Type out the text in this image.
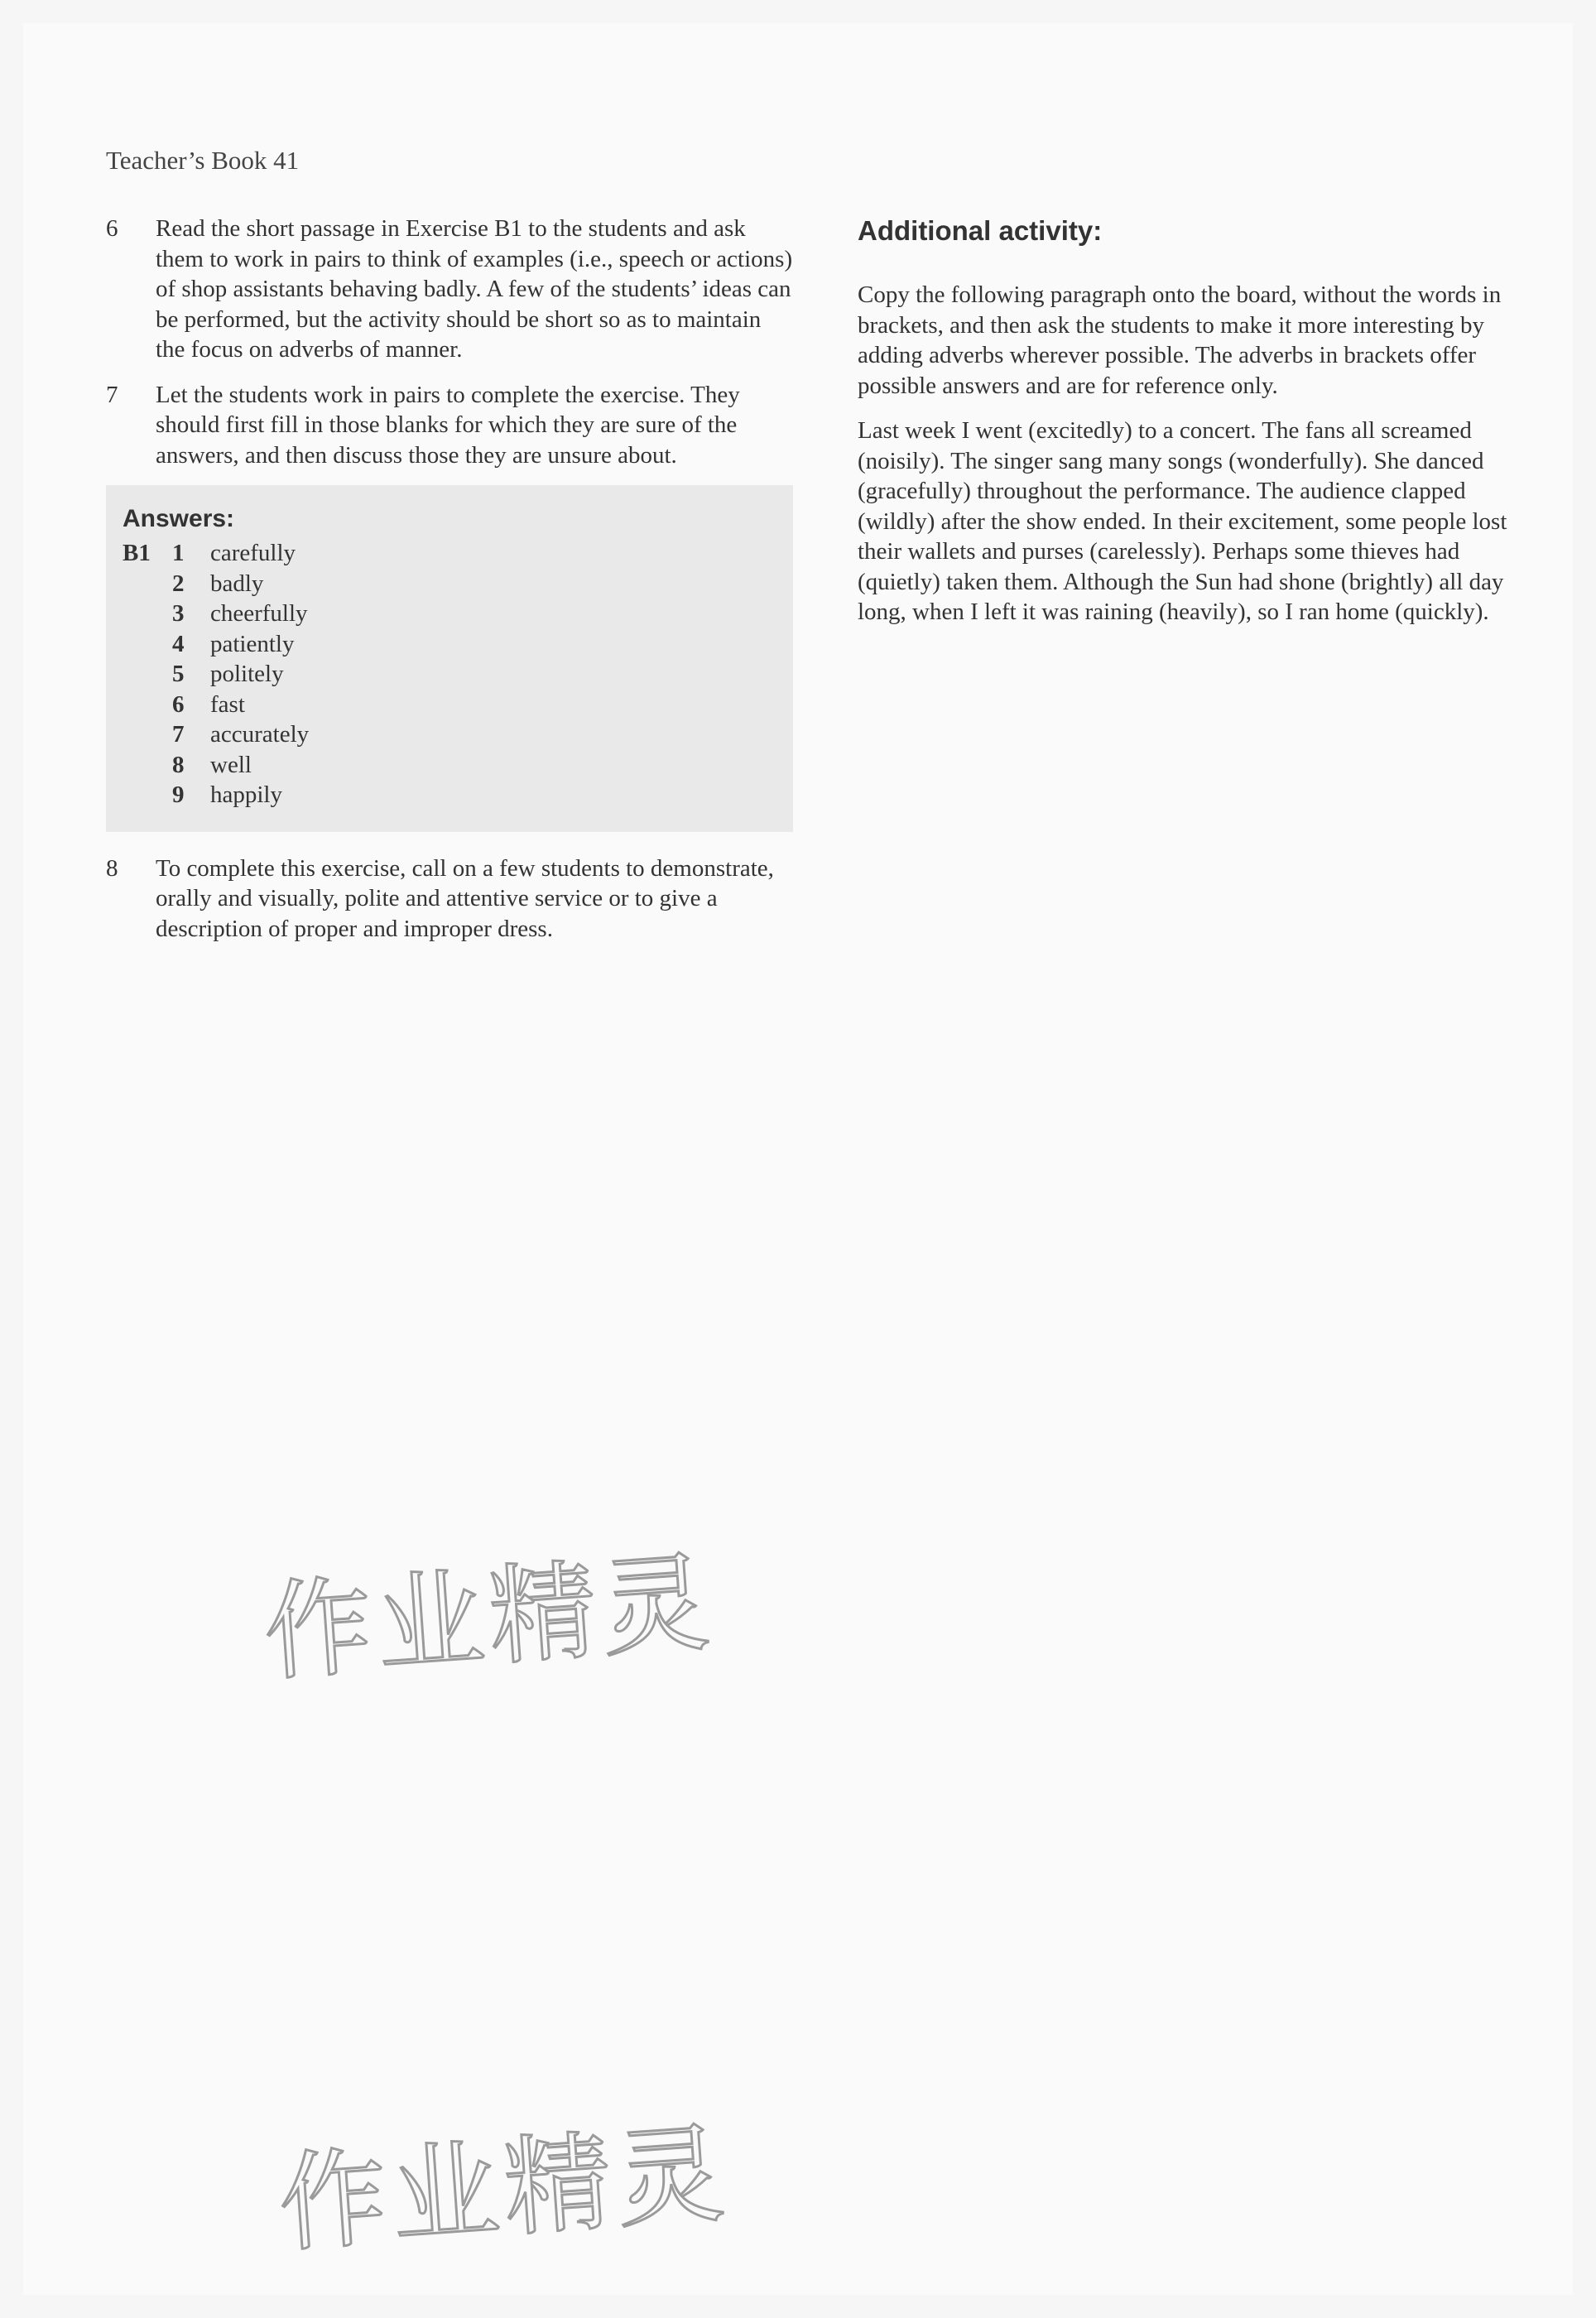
Teacher’s Book 41
6	Read the short passage in Exercise B1 to the students and ask them to work in pairs to think of examples (i.e., speech or actions) of shop assistants behaving badly. A few of the students’ ideas can be performed, but the activity should be short so as to maintain the focus on adverbs of manner.
7	Let the students work in pairs to complete the exercise. They should first fill in those blanks for which they are sure of the answers, and then discuss those they are unsure about.
Answers:
B1 1	carefully
2	badly
3	cheerfully
4	patiently
5	politely
6	fast
7	accurately
8	well
9	happily
8	To complete this exercise, call on a few students to demonstrate, orally and visually, polite and attentive service or to give a description of proper and improper dress.
Additional activity:

Copy the following paragraph onto the board, without the words in brackets, and then ask the students to make it more interesting by adding adverbs wherever possible. The adverbs in brackets offer possible answers and are for reference only.

Last week I went (excitedly) to a concert. The fans all screamed (noisily). The singer sang many songs (wonderfully). She danced (gracefully) throughout the performance. The audience clapped (wildly) after the show ended. In their excitement, some people lost their wallets and purses (carelessly). Perhaps some thieves had (quietly) taken them. Although the Sun had shone (brightly) all day long, when I left it was raining (heavily), so I ran home (quickly).

作业精灵
作业精灵
